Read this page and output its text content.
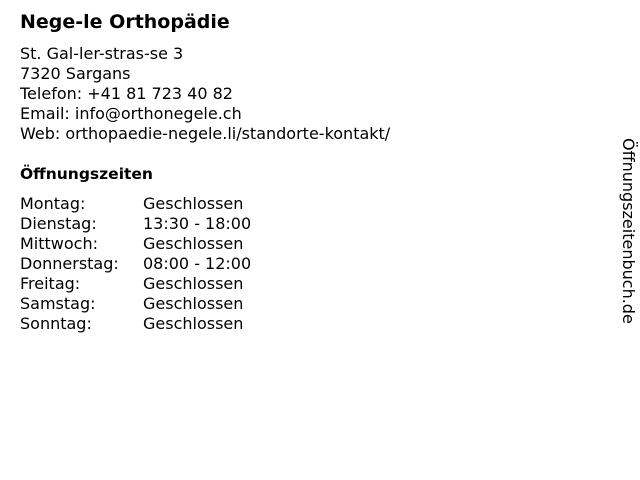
Nege-le Orthopädie
St. Gal-ler-stras-se 3
7320 Sargans
Telefon: +41 81 723 40 82
Email: info@orthonegele.ch
Web: orthopaedie-negele.li/standorte-kontakt/
Öffnungszeiten
Montag:	Geschlossen
Dienstag:	13:30 - 18:00
Mittwoch:	Geschlossen
Donnerstag:	08:00 - 12:00
Freitag:	Geschlossen
Samstag:	Geschlossen
Sonntag:	Geschlossen	Öffnungszeitenbuch.de
